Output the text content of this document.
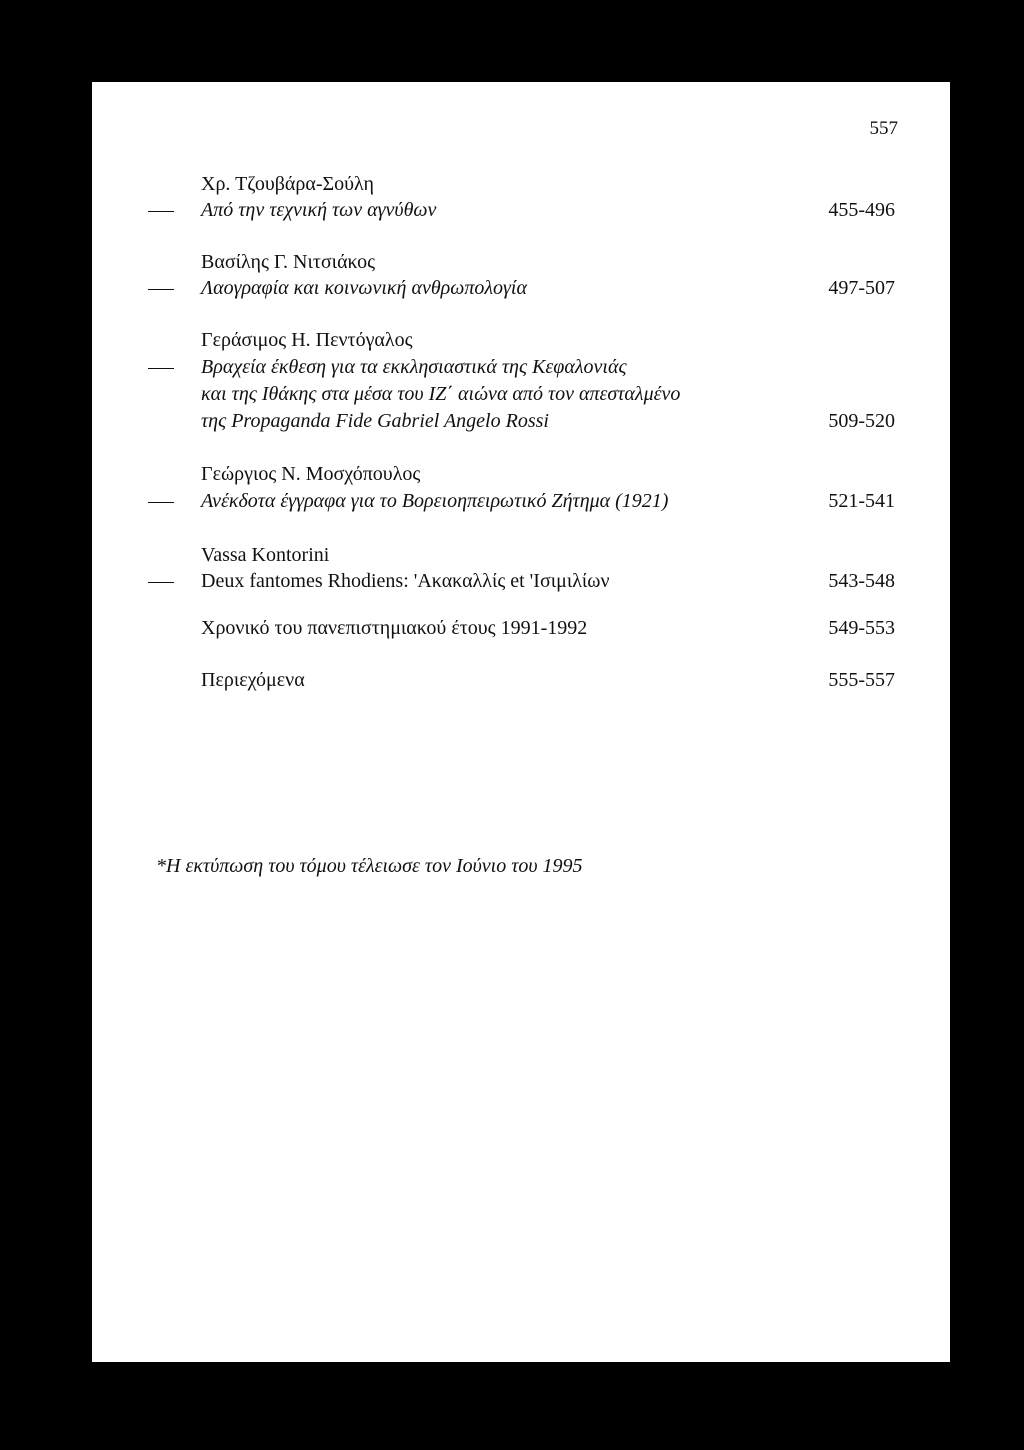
557
Χρ. Τζουβάρα-Σούλη
Από την τεχνική των αγνύθων	455-496
Βασίλης Γ. Νιτσιάκος
Λαογραφία και κοινωνική ανθρωπολογία	497-507
Γεράσιμος Η. Πεντόγαλος
Βραχεία έκθεση για τα εκκλησιαστικά της Κεφαλονιάς
και της Ιθάκης στα μέσα του ΙΖ΄ αιώνα από τον απεσταλμένο
της Propaganda Fide Gabriel Angelo Rossi	509-520
Γεώργιος Ν. Μοσχόπουλος
Ανέκδοτα έγγραφα για το Βορειοηπειρωτικό Ζήτημα (1921)	521-541
Vassa Kontorini
Deux fantomes Rhodiens: 'Ακακαλλίς et 'Ισιμιλίων	543-548
Χρονικό του πανεπιστημιακού έτους 1991-1992	549-553
Περιεχόμενα	555-557
*Η εκτύπωση του τόμου τέλειωσε τον Ιούνιο του 1995
